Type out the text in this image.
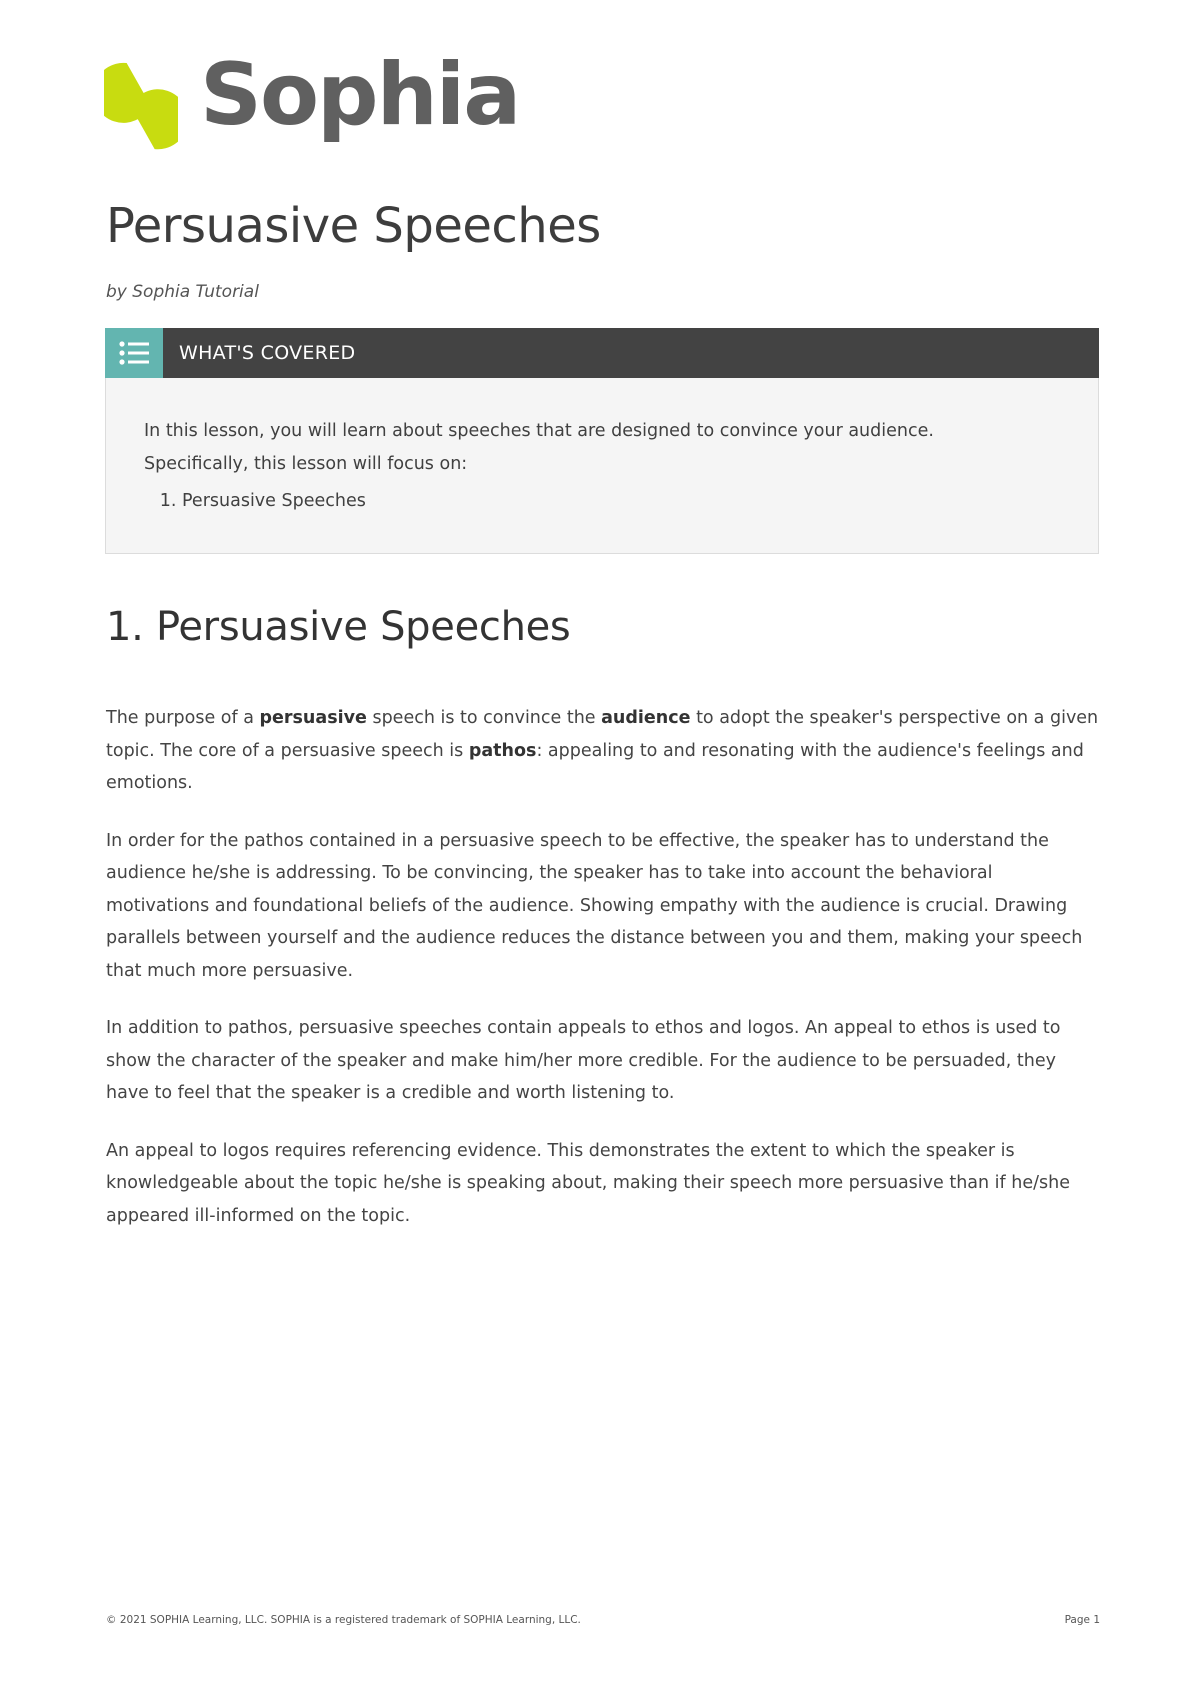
Sophia
Persuasive Speeches
by Sophia Tutorial
WHAT'S COVERED

In this lesson, you will learn about speeches that are designed to convince your audience.

Specifically, this lesson will focus on:

1. Persuasive Speeches
1. Persuasive Speeches

The purpose of a persuasive speech is to convince the audience to adopt the speaker's perspective on a given topic. The core of a persuasive speech is pathos: appealing to and resonating with the audience's feelings and emotions.

In order for the pathos contained in a persuasive speech to be effective, the speaker has to understand the audience he/she is addressing. To be convincing, the speaker has to take into account the behavioral motivations and foundational beliefs of the audience. Showing empathy with the audience is crucial. Drawing parallels between yourself and the audience reduces the distance between you and them, making your speech that much more persuasive.

In addition to pathos, persuasive speeches contain appeals to ethos and logos. An appeal to ethos is used to show the character of the speaker and make him/her more credible. For the audience to be persuaded, they have to feel that the speaker is a credible and worth listening to.

An appeal to logos requires referencing evidence. This demonstrates the extent to which the speaker is knowledgeable about the topic he/she is speaking about, making their speech more persuasive than if he/she appeared ill-informed on the topic.

© 2021 SOPHIA Learning, LLC. SOPHIA is a registered trademark of SOPHIA Learning, LLC.	Page 1
